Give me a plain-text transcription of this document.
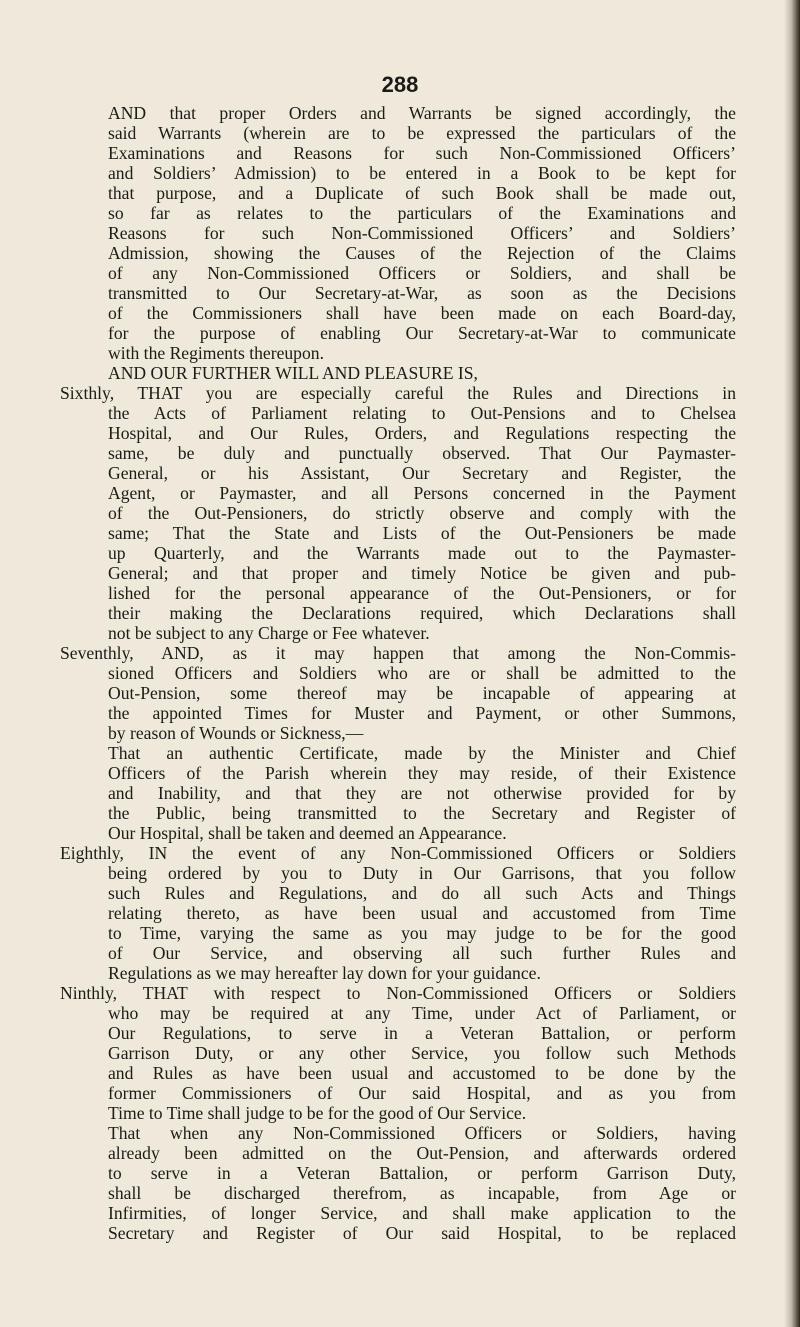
288
AND that proper Orders and Warrants be signed accordingly, the
said Warrants (wherein are to be expressed the particulars of the
Examinations and Reasons for such Non-Commissioned Officers’
and Soldiers’ Admission) to be entered in a Book to be kept for
that purpose, and a Duplicate of such Book shall be made out,
so far as relates to the particulars of the Examinations and
Reasons for such Non-Commissioned Officers’ and Soldiers’
Admission, showing the Causes of the Rejection of the Claims
of any Non-Commissioned Officers or Soldiers, and shall be
transmitted to Our Secretary-at-War, as soon as the Decisions
of the Commissioners shall have been made on each Board-day,
for the purpose of enabling Our Secretary-at-War to communicate
with the Regiments thereupon.
AND OUR FURTHER WILL AND PLEASURE IS,
Sixthly, THAT you are especially careful the Rules and Directions in
the Acts of Parliament relating to Out-Pensions and to Chelsea
Hospital, and Our Rules, Orders, and Regulations respecting the
same, be duly and punctually observed. That Our Paymaster-
General, or his Assistant, Our Secretary and Register, the
Agent, or Paymaster, and all Persons concerned in the Payment
of the Out-Pensioners, do strictly observe and comply with the
same; That the State and Lists of the Out-Pensioners be made
up Quarterly, and the Warrants made out to the Paymaster-
General; and that proper and timely Notice be given and pub-
lished for the personal appearance of the Out-Pensioners, or for
their making the Declarations required, which Declarations shall
not be subject to any Charge or Fee whatever.
Seventhly, AND, as it may happen that among the Non-Commis-
sioned Officers and Soldiers who are or shall be admitted to the
Out-Pension, some thereof may be incapable of appearing at
the appointed Times for Muster and Payment, or other Summons,
by reason of Wounds or Sickness,—
That an authentic Certificate, made by the Minister and Chief
Officers of the Parish wherein they may reside, of their Existence
and Inability, and that they are not otherwise provided for by
the Public, being transmitted to the Secretary and Register of
Our Hospital, shall be taken and deemed an Appearance.
Eighthly, IN the event of any Non-Commissioned Officers or Soldiers
being ordered by you to Duty in Our Garrisons, that you follow
such Rules and Regulations, and do all such Acts and Things
relating thereto, as have been usual and accustomed from Time
to Time, varying the same as you may judge to be for the good
of Our Service, and observing all such further Rules and
Regulations as we may hereafter lay down for your guidance.
Ninthly, THAT with respect to Non-Commissioned Officers or Soldiers
who may be required at any Time, under Act of Parliament, or
Our Regulations, to serve in a Veteran Battalion, or perform
Garrison Duty, or any other Service, you follow such Methods
and Rules as have been usual and accustomed to be done by the
former Commissioners of Our said Hospital, and as you from
Time to Time shall judge to be for the good of Our Service.
That when any Non-Commissioned Officers or Soldiers, having
already been admitted on the Out-Pension, and afterwards ordered
to serve in a Veteran Battalion, or perform Garrison Duty,
shall be discharged therefrom, as incapable, from Age or
Infirmities, of longer Service, and shall make application to the
Secretary and Register of Our said Hospital, to be replaced
